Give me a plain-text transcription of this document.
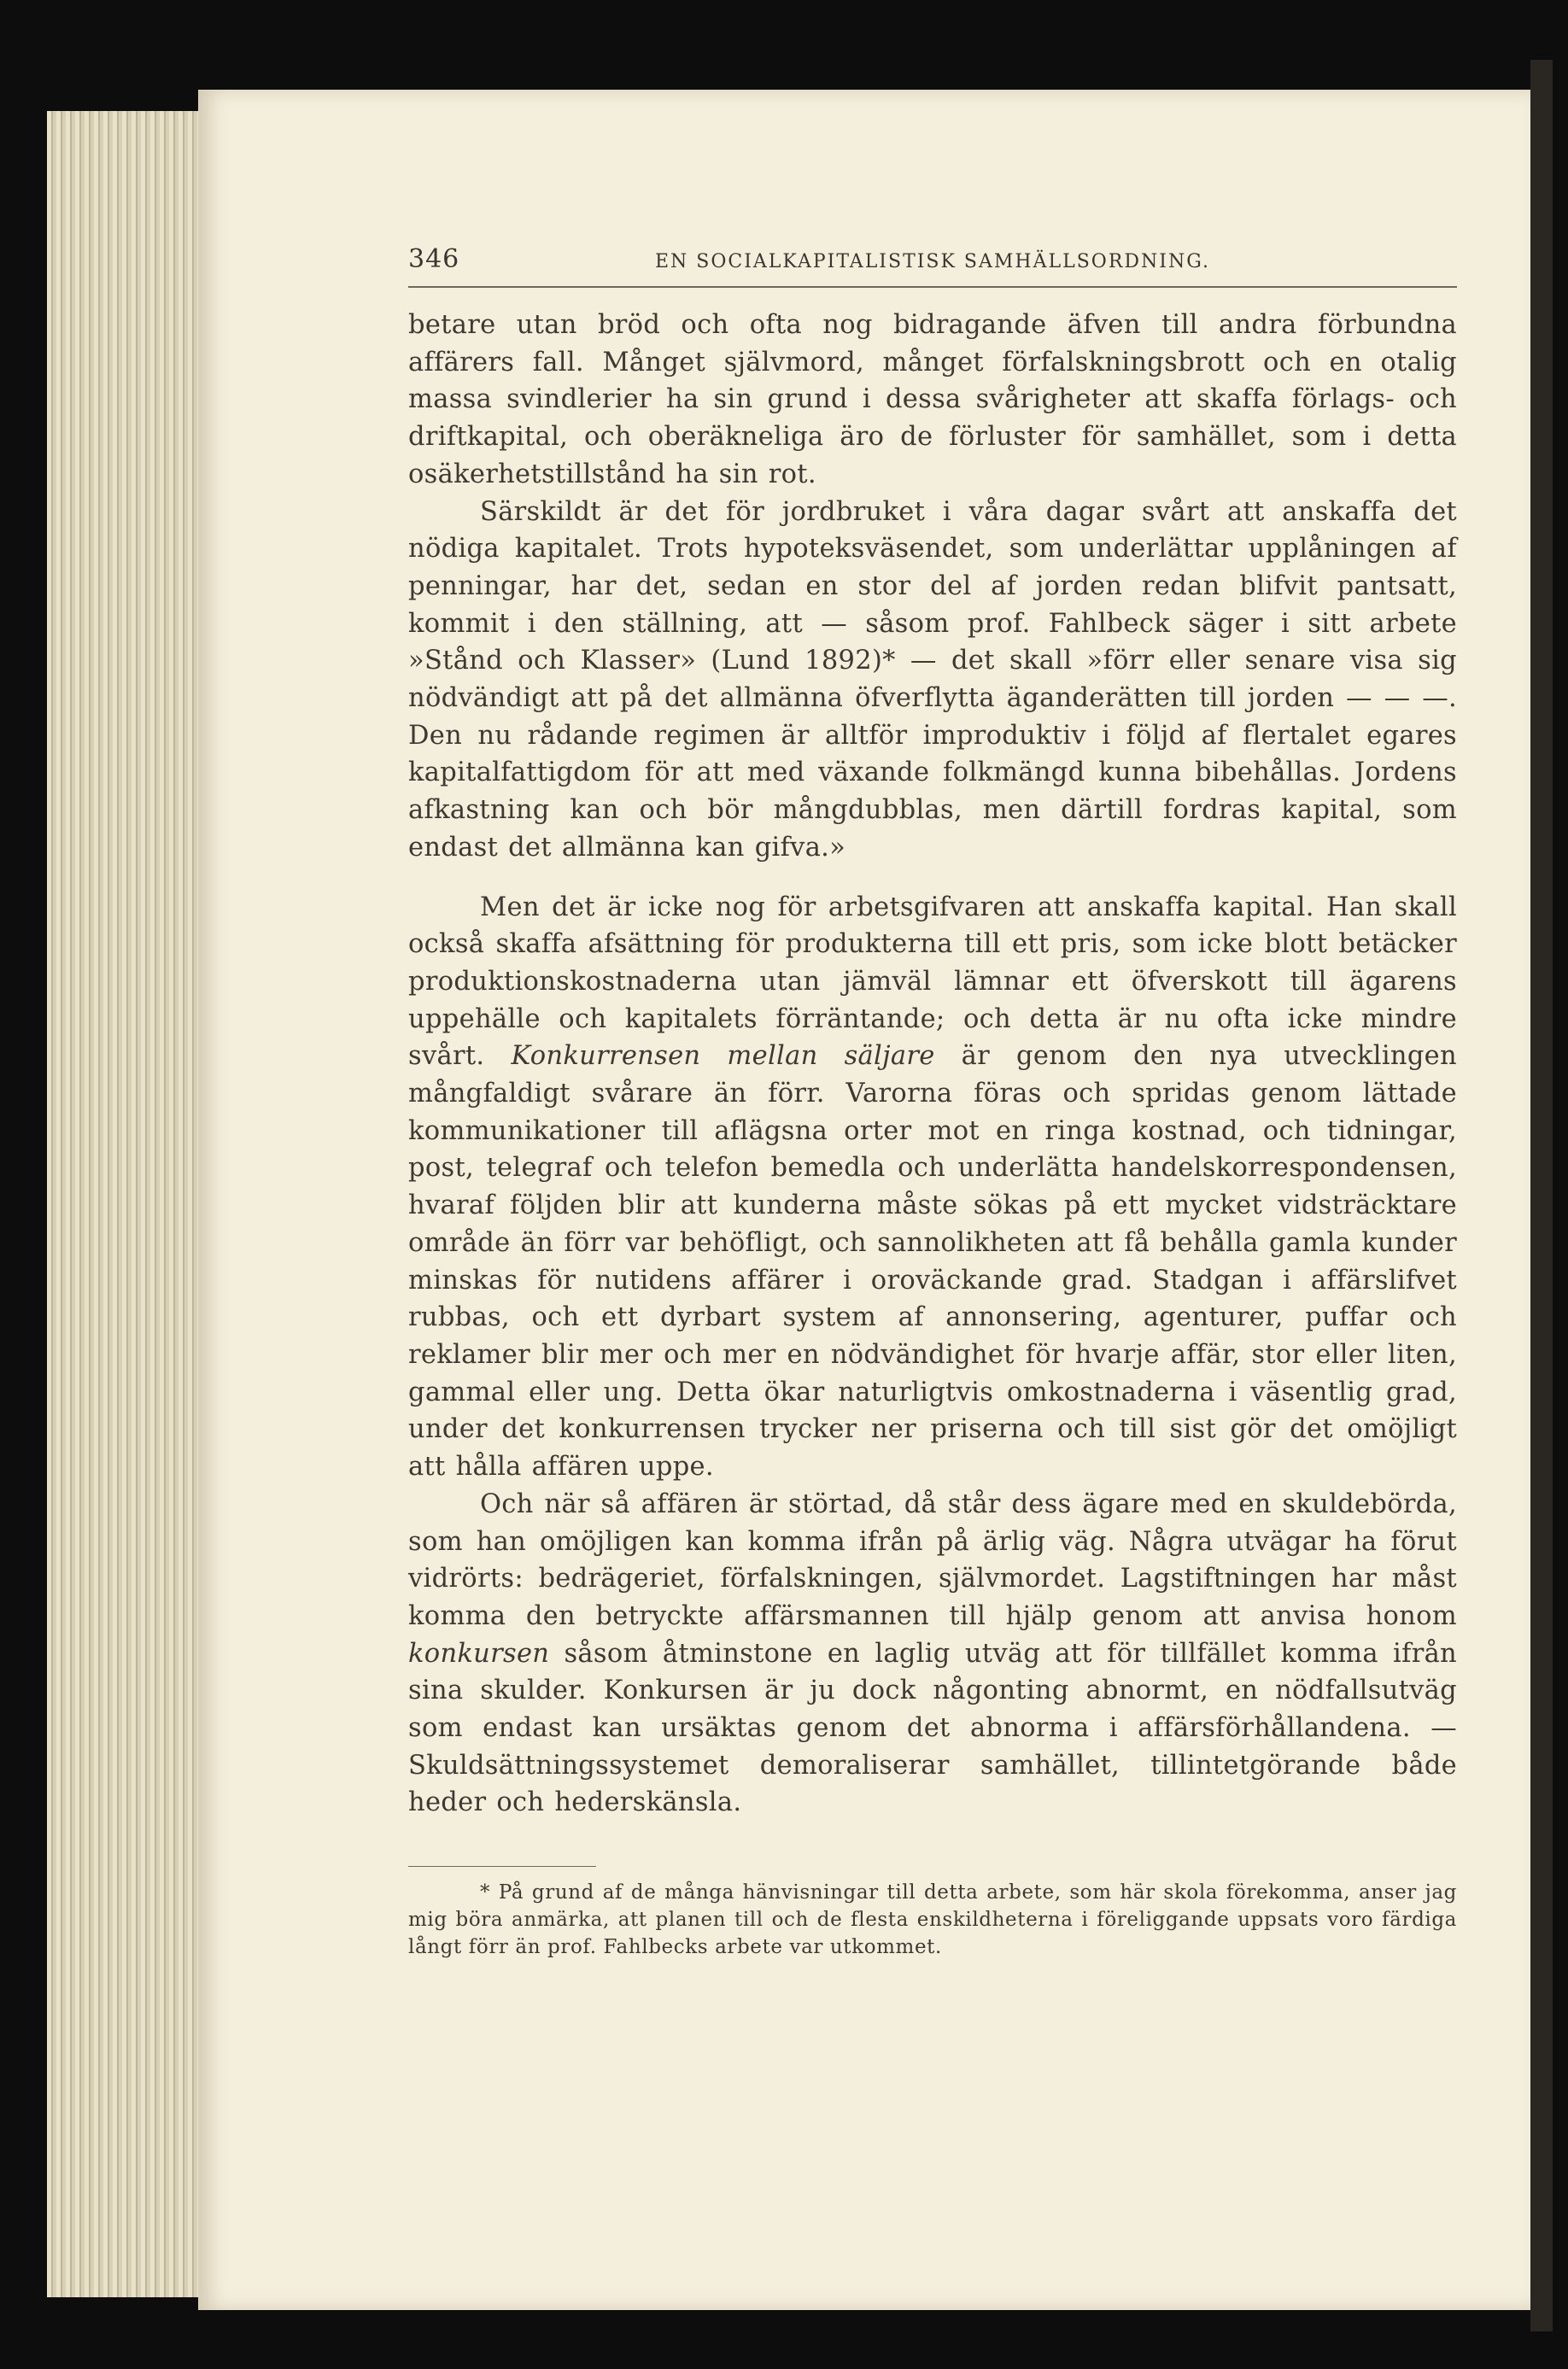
346	EN SOCIALKAPITALISTISK SAMHÄLLSORDNING.

betare utan bröd och ofta nog bidragande äfven till andra förbundna affärers fall. Månget självmord, månget förfalskningsbrott och en otalig massa svindlerier ha sin grund i dessa svårigheter att skaffa förlags- och driftkapital, och oberäkneliga äro de förluster för samhället, som i detta osäkerhetstillstånd ha sin rot.

Särskildt är det för jordbruket i våra dagar svårt att anskaffa det nödiga kapitalet. Trots hypoteksväsendet, som underlättar upplåningen af penningar, har det, sedan en stor del af jorden redan blifvit pantsatt, kommit i den ställning, att — såsom prof. Fahlbeck säger i sitt arbete »Stånd och Klasser» (Lund 1892)* — det skall »förr eller senare visa sig nödvändigt att på det allmänna öfverflytta äganderätten till jorden — — —. Den nu rådande regimen är alltför improduktiv i följd af flertalet egares kapitalfattigdom för att med växande folkmängd kunna bibehållas. Jordens afkastning kan och bör mångdubblas, men därtill fordras kapital, som endast det allmänna kan gifva.»

Men det är icke nog för arbetsgifvaren att anskaffa kapital. Han skall också skaffa afsättning för produkterna till ett pris, som icke blott betäcker produktionskostnaderna utan jämväl lämnar ett öfverskott till ägarens uppehälle och kapitalets förräntande; och detta är nu ofta icke mindre svårt. Konkurrensen mellan säljare är genom den nya utvecklingen mångfaldigt svårare än förr. Varorna föras och spridas genom lättade kommunikationer till aflägsna orter mot en ringa kostnad, och tidningar, post, telegraf och telefon bemedla och underlätta handelskorrespondensen, hvaraf följden blir att kunderna måste sökas på ett mycket vidsträcktare område än förr var behöfligt, och sannolikheten att få behålla gamla kunder minskas för nutidens affärer i oroväckande grad. Stadgan i affärslifvet rubbas, och ett dyrbart system af annonsering, agenturer, puffar och reklamer blir mer och mer en nödvändighet för hvarje affär, stor eller liten, gammal eller ung. Detta ökar naturligtvis omkostnaderna i väsentlig grad, under det konkurrensen trycker ner priserna och till sist gör det omöjligt att hålla affären uppe.

Och när så affären är störtad, då står dess ägare med en skuldebörda, som han omöjligen kan komma ifrån på ärlig väg. Några utvägar ha förut vidrörts: bedrägeriet, förfalskningen, självmordet. Lagstiftningen har måst komma den betryckte affärsmannen till hjälp genom att anvisa honom konkursen såsom åtminstone en laglig utväg att för tillfället komma ifrån sina skulder. Konkursen är ju dock någonting abnormt, en nödfallsutväg som endast kan ursäktas genom det abnorma i affärsförhållandena. — Skuldsättningssystemet demoraliserar samhället, tillintetgörande både heder och hederskänsla.

* På grund af de många hänvisningar till detta arbete, som här skola förekomma, anser jag mig böra anmärka, att planen till och de flesta enskildheterna i föreliggande uppsats voro färdiga långt förr än prof. Fahlbecks arbete var utkommet.
